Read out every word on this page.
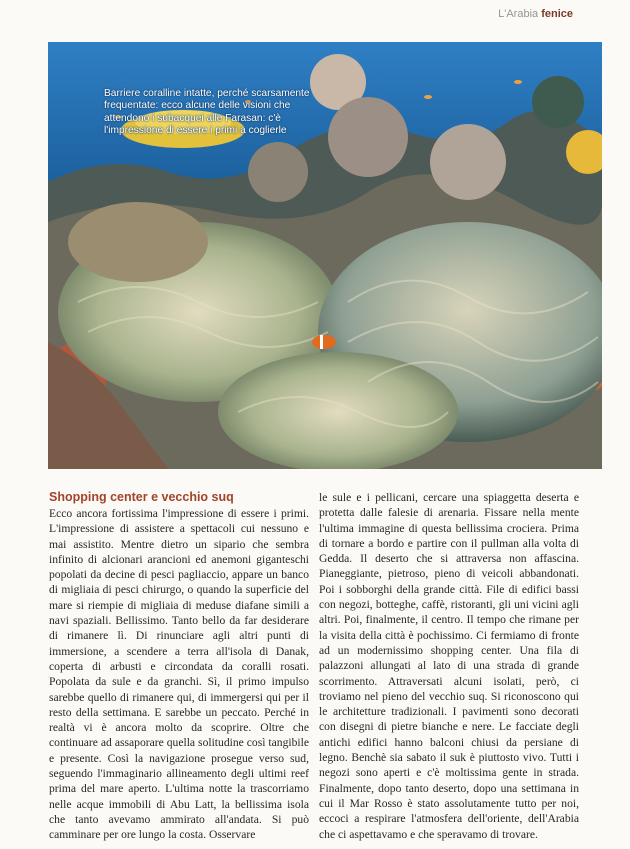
L'Arabia fenice
Barriere coralline intatte, perché scarsamente frequentate: ecco alcune delle visioni che attendono i subacquei alle Farasan: c'è l'impressione di essere i primi a coglierle
Shopping center e vecchio suq

Ecco ancora fortissima l'impressione di essere i primi. L'impressione di assistere a spettacoli cui nessuno e mai assistito. Mentre dietro un sipario che sembra infinito di alcionari arancioni ed anemoni giganteschi popolati da decine di pesci pagliaccio, appare un banco di migliaia di pesci chirurgo, o quando la superficie del mare si riempie di migliaia di meduse diafane simili a navi spaziali. Bellissimo. Tanto bello da far desiderare di rimanere lì. Di rinunciare agli altri punti di immersione, a scendere a terra all'isola di Danak, coperta di arbusti e circondata da coralli rosati. Popolata da sule e da granchi. Sì, il primo impulso sarebbe quello di rimanere qui, di immergersi qui per il resto della settimana. E sarebbe un peccato. Perché in realtà vi è ancora molto da scoprire. Oltre che continuare ad assaporare quella solitudine così tangibile e presente. Così la navigazione prosegue verso sud, seguendo l'immaginario allineamento degli ultimi reef prima del mare aperto. L'ultima notte la trascorriamo nelle acque immobili di Abu Latt, la bellissima isola che tanto avevamo ammirato all'andata. Si può camminare per ore lungo la costa. Osservare

le sule e i pellicani, cercare una spiaggetta deserta e protetta dalle falesie di arenaria. Fissare nella mente l'ultima immagine di questa bellissima crociera. Prima di tornare a bordo e partire con il pullman alla volta di Gedda. Il deserto che si attraversa non affascina. Pianeggiante, pietroso, pieno di veicoli abbandonati. Poi i sobborghi della grande città. File di edifici bassi con negozi, botteghe, caffè, ristoranti, gli uni vicini agli altri. Poi, finalmente, il centro. Il tempo che rimane per la visita della città è pochissimo. Ci fermiamo di fronte ad un modernissimo shopping center. Una fila di palazzoni allungati al lato di una strada di grande scorrimento. Attraversati alcuni isolati, però, ci troviamo nel pieno del vecchio suq. Si riconoscono qui le architetture tradizionali. I pavimenti sono decorati con disegni di pietre bianche e nere. Le facciate degli antichi edifici hanno balconi chiusi da persiane di legno. Benchè sia sabato il suk è piuttosto vivo. Tutti i negozi sono aperti e c'è moltissima gente in strada. Finalmente, dopo tanto deserto, dopo una settimana in cui il Mar Rosso è stato assolutamente tutto per noi, eccoci a respirare l'atmosfera dell'oriente, dell'Arabia che ci aspettavamo e che speravamo di trovare.
